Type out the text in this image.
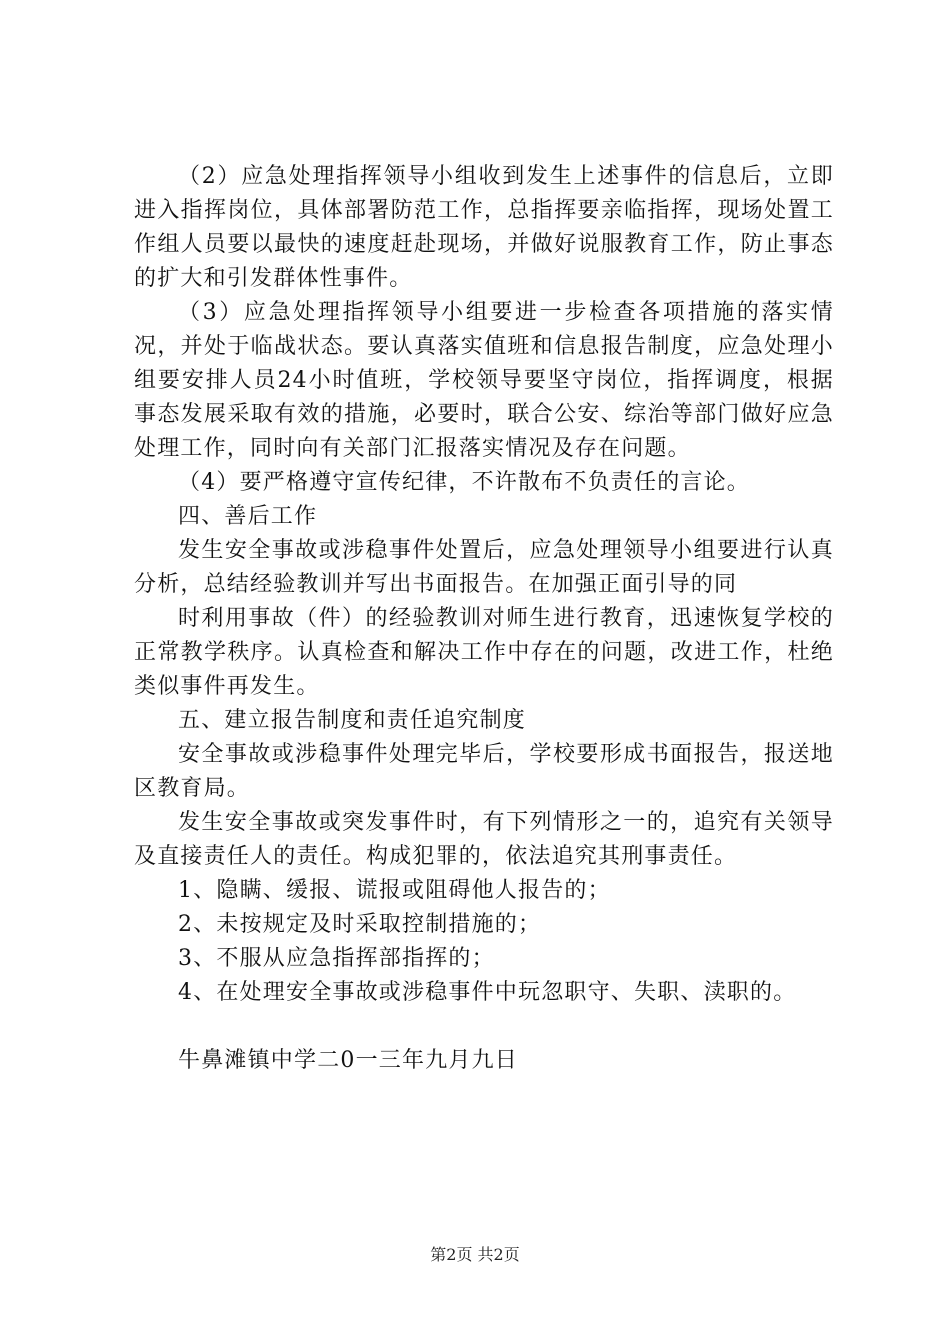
（2）应急处理指挥领导小组收到发生上述事件的信息后，立即进入指挥岗位，具体部署防范工作，总指挥要亲临指挥，现场处置工作组人员要以最快的速度赶赴现场，并做好说服教育工作，防止事态的扩大和引发群体性事件。

（3）应急处理指挥领导小组要进一步检查各项措施的落实情况，并处于临战状态。要认真落实值班和信息报告制度，应急处理小组要安排人员24小时值班，学校领导要坚守岗位，指挥调度，根据事态发展采取有效的措施，必要时，联合公安、综治等部门做好应急处理工作，同时向有关部门汇报落实情况及存在问题。

（4）要严格遵守宣传纪律，不许散布不负责任的言论。

四、善后工作

发生安全事故或涉稳事件处置后，应急处理领导小组要进行认真分析，总结经验教训并写出书面报告。在加强正面引导的同

时利用事故（件）的经验教训对师生进行教育，迅速恢复学校的正常教学秩序。认真检查和解决工作中存在的问题，改进工作，杜绝类似事件再发生。

五、建立报告制度和责任追究制度

安全事故或涉稳事件处理完毕后，学校要形成书面报告，报送地区教育局。

发生安全事故或突发事件时，有下列情形之一的，追究有关领导及直接责任人的责任。构成犯罪的，依法追究其刑事责任。

1、隐瞒、缓报、谎报或阻碍他人报告的；

2、未按规定及时采取控制措施的；

3、不服从应急指挥部指挥的；

4、在处理安全事故或涉稳事件中玩忽职守、失职、渎职的。

牛鼻滩镇中学二0一三年九月九日

第2页 共2页
